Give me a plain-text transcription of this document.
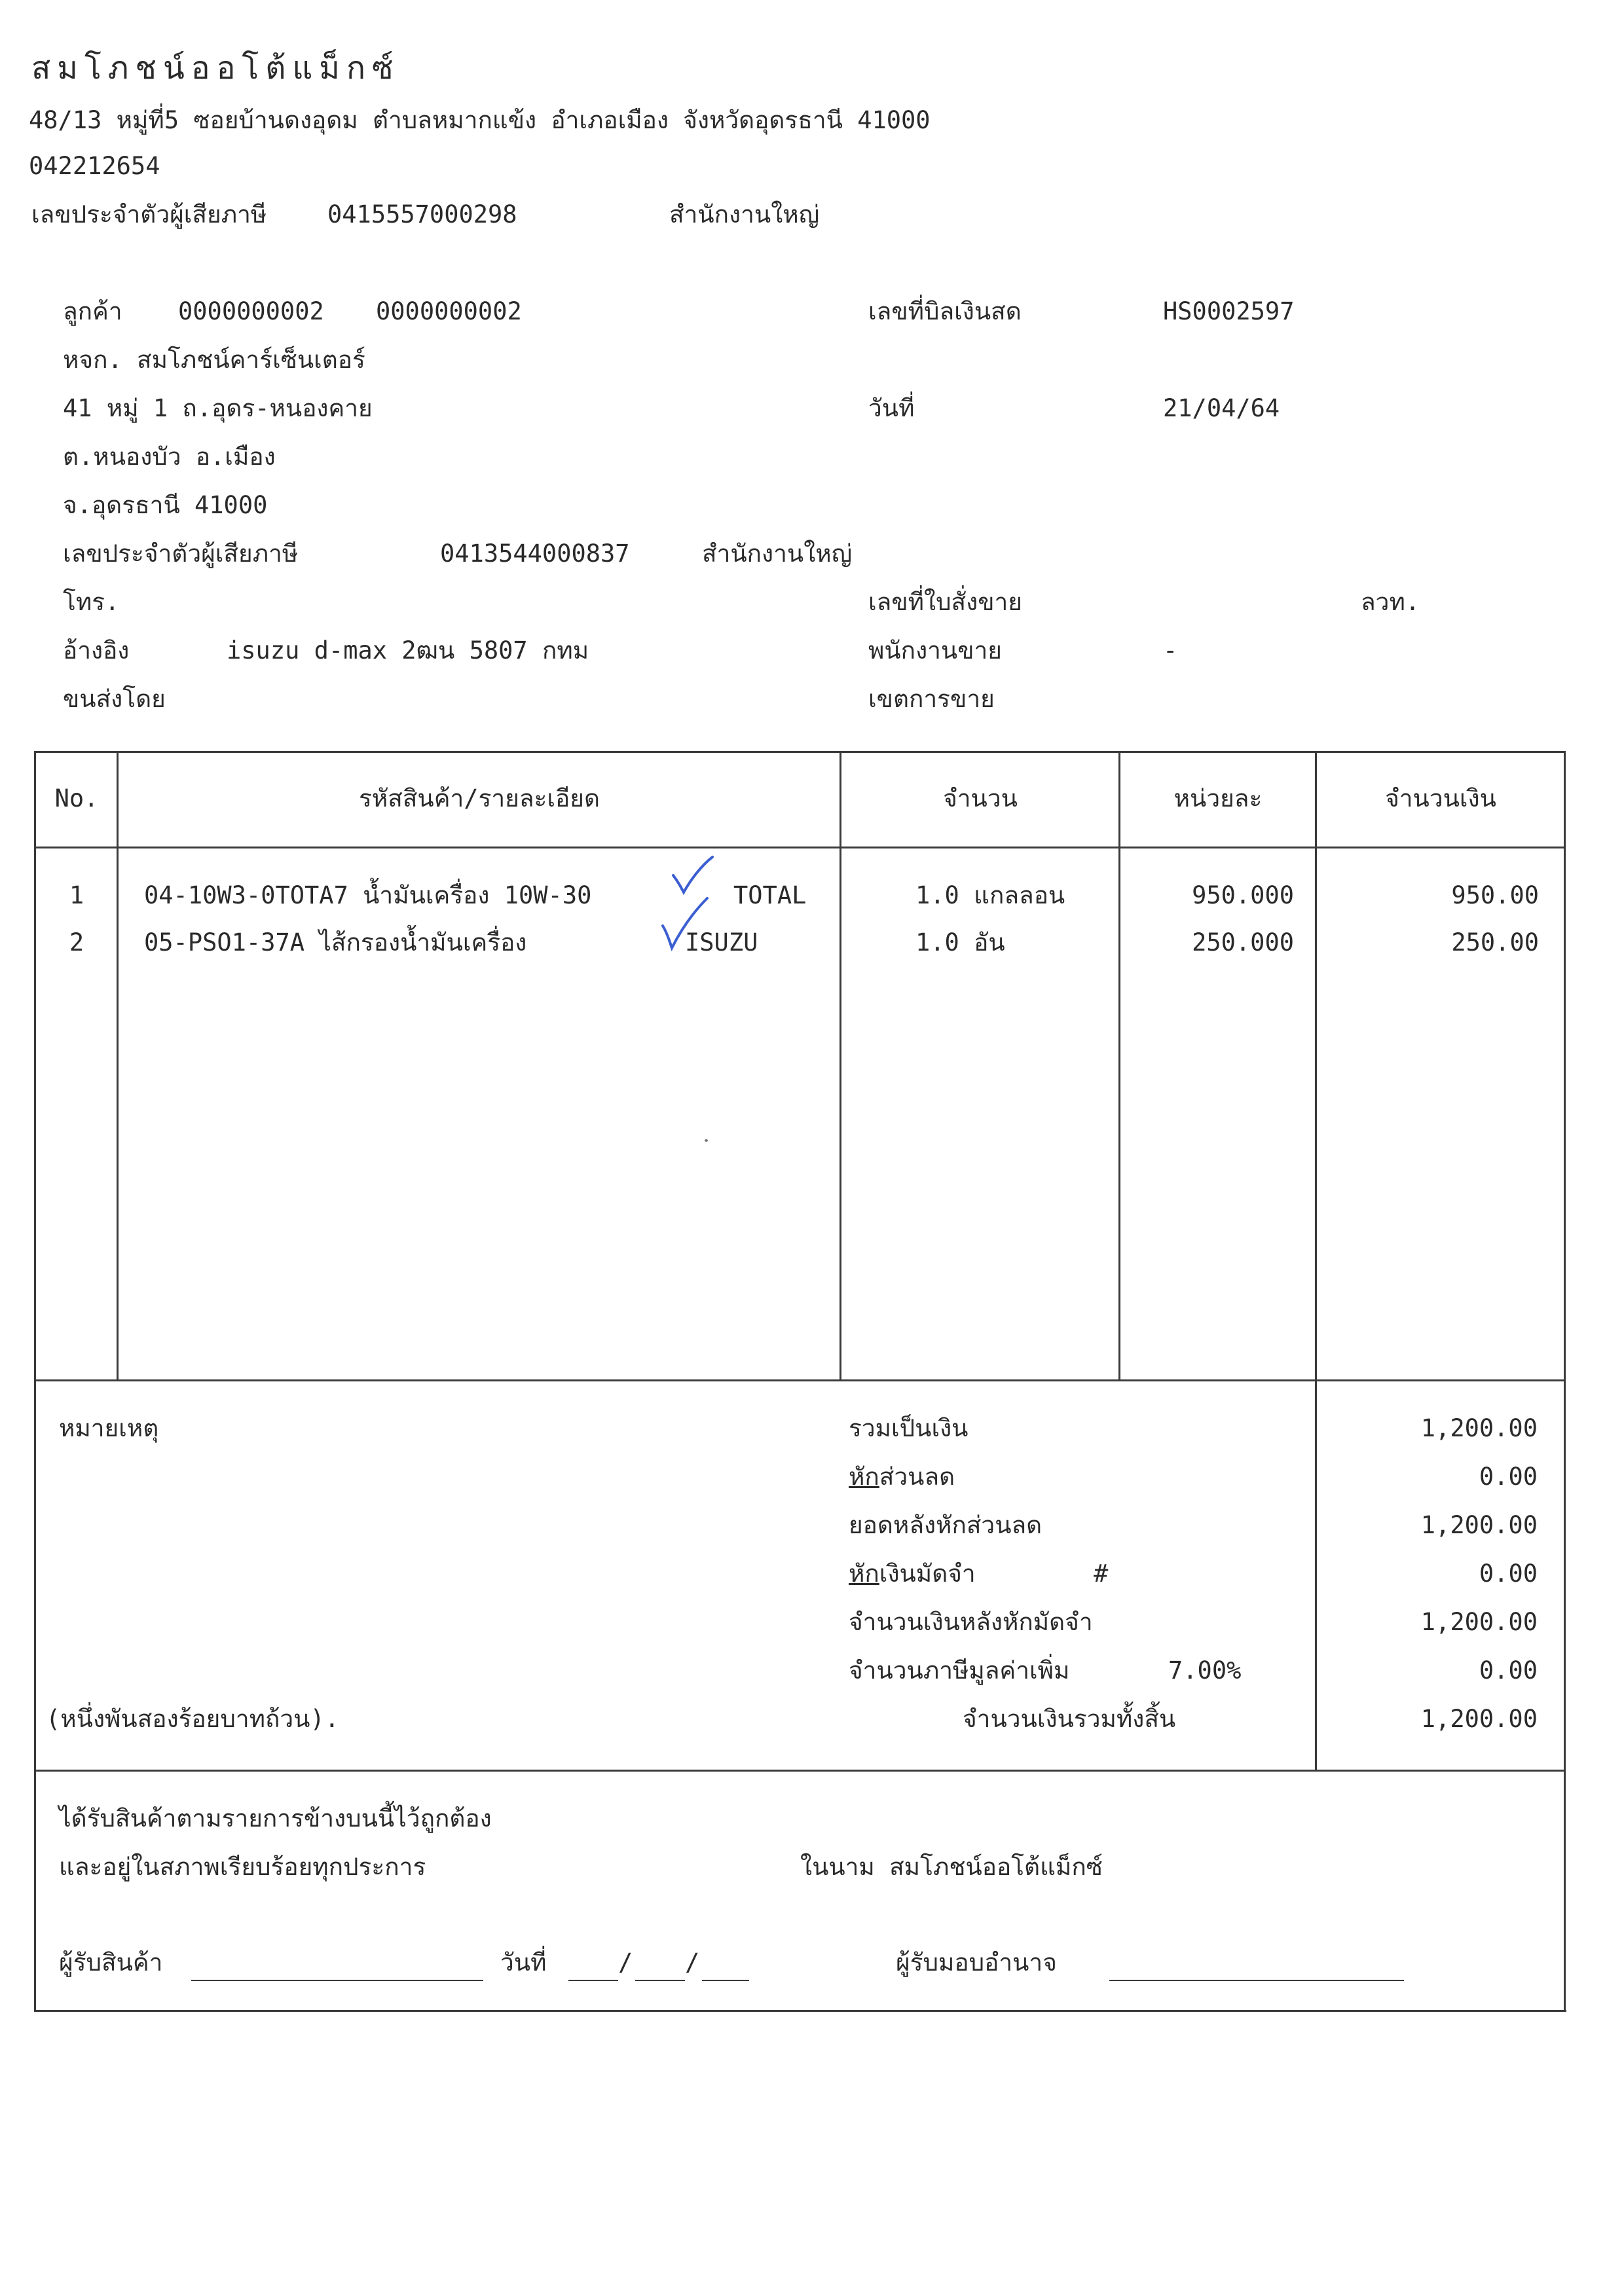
สมโภชน์ออโต้แม็กซ์
48/13 หมู่ที่5 ซอยบ้านดงอุดม ตำบลหมากแข้ง อำเภอเมือง จังหวัดอุดรธานี 41000
042212654
เลขประจำตัวผู้เสียภาษี	0415557000298	สำนักงานใหญ่
ลูกค้า 0000000002 0000000002
หจก. สมโภชน์คาร์เซ็นเตอร์
41 หมู่ 1 ถ.อุดร-หนองคาย
ต.หนองบัว อ.เมือง
จ.อุดรธานี 41000
เลขประจำตัวผู้เสียภาษี	0413544000837	สำนักงานใหญ่
โทร.
อ้างอิง	isuzu d-max 2ฒน 5807 กทม
ขนส่งโดย
เลขที่บิลเงินสด	HS0002597
วันที่	21/04/64
เลขที่ใบสั่งขาย	ลวท.
พนักงานขาย	-
เขตการขาย
No.	รหัสสินค้า/รายละเอียด	จำนวน	หน่วยละ	จำนวนเงิน
1	04-10W3-0TOTA7 น้ำมันเครื่อง 10W-30	TOTAL	1.0 แกลลอน	950.000	950.00
2	05-PSO1-37A ไส้กรองน้ำมันเครื่อง	ISUZU	1.0 อัน	250.000	250.00
หมายเหตุ
(หนึ่งพันสองร้อยบาทถ้วน).
รวมเป็นเงิน	1,200.00
หักส่วนลด	0.00
ยอดหลังหักส่วนลด	1,200.00
หักเงินมัดจำ	#	0.00
จำนวนเงินหลังหักมัดจำ	1,200.00
จำนวนภาษีมูลค่าเพิ่ม	7.00%	0.00
จำนวนเงินรวมทั้งสิ้น	1,200.00
ได้รับสินค้าตามรายการข้างบนนี้ไว้ถูกต้อง
และอยู่ในสภาพเรียบร้อยทุกประการ	ในนาม สมโภชน์ออโต้แม็กซ์
ผู้รับสินค้า	วันที่	/ /	ผู้รับมอบอำนาจ
